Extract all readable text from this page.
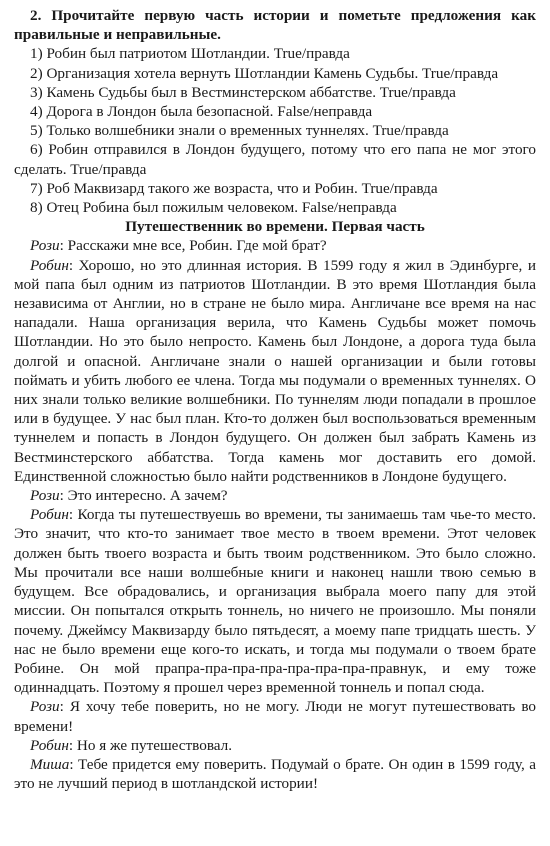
2. Прочитайте первую часть истории и пометьте предложения как правильные и неправильные.

1) Робин был патриотом Шотландии. True/правда

2) Организация хотела вернуть Шотландии Камень Судьбы. True/правда

3) Камень Судьбы был в Вестминстерском аббатстве. True/правда

4) Дорога в Лондон была безопасной. False/неправда

5) Только волшебники знали о временных туннелях. True/правда

6) Робин отправился в Лондон будущего, потому что его папа не мог этого сделать. True/правда

7) Роб Маквизард такого же возраста, что и Робин. True/правда

8) Отец Робина был пожилым человеком. False/неправда

Путешественник во времени. Первая часть

Рози: Расскажи мне все, Робин. Где мой брат?

Робин: Хорошо, но это длинная история. В 1599 году я жил в Эдинбурге, и мой папа был одним из патриотов Шотландии. В это время Шотландия была независима от Англии, но в стране не было мира. Англичане все время на нас нападали. Наша организация верила, что Камень Судьбы может помочь Шотландии. Но это было непросто. Камень был Лондоне, а дорога туда была долгой и опасной. Англичане знали о нашей организации и были готовы поймать и убить любого ее члена. Тогда мы подумали о временных туннелях. О них знали только великие волшебники. По туннелям люди попадали в прошлое или в будущее. У нас был план. Кто-то должен был воспользоваться временным туннелем и попасть в Лондон будущего. Он должен был забрать Камень из Вестминстерского аббатства. Тогда камень мог доставить его домой. Единственной сложностью было найти родственников в Лондоне будущего.

Рози: Это интересно. А зачем?

Робин: Когда ты путешествуешь во времени, ты занимаешь там чье-то место. Это значит, что кто-то занимает твое место в твоем времени. Этот человек должен быть твоего возраста и быть твоим родственником. Это было сложно. Мы прочитали все наши волшебные книги и наконец нашли твою семью в будущем. Все обрадовались, и организация выбрала моего папу для этой миссии. Он попытался открыть тоннель, но ничего не произошло. Мы поняли почему. Джеймсу Маквизарду было пятьдесят, а моему папе тридцать шесть. У нас не было времени еще кого-то искать, и тогда мы подумали о твоем брате Робине. Он мой прапра-пра-пра-пра-пра-пра-пра-правнук, и ему тоже одиннадцать. Поэтому я прошел через временной тоннель и попал сюда.

Рози: Я хочу тебе поверить, но не могу. Люди не могут путешествовать во времени!

Робин: Но я же путешествовал.

Миша: Тебе придется ему поверить. Подумай о брате. Он один в 1599 году, а это не лучший период в шотландской истории!
